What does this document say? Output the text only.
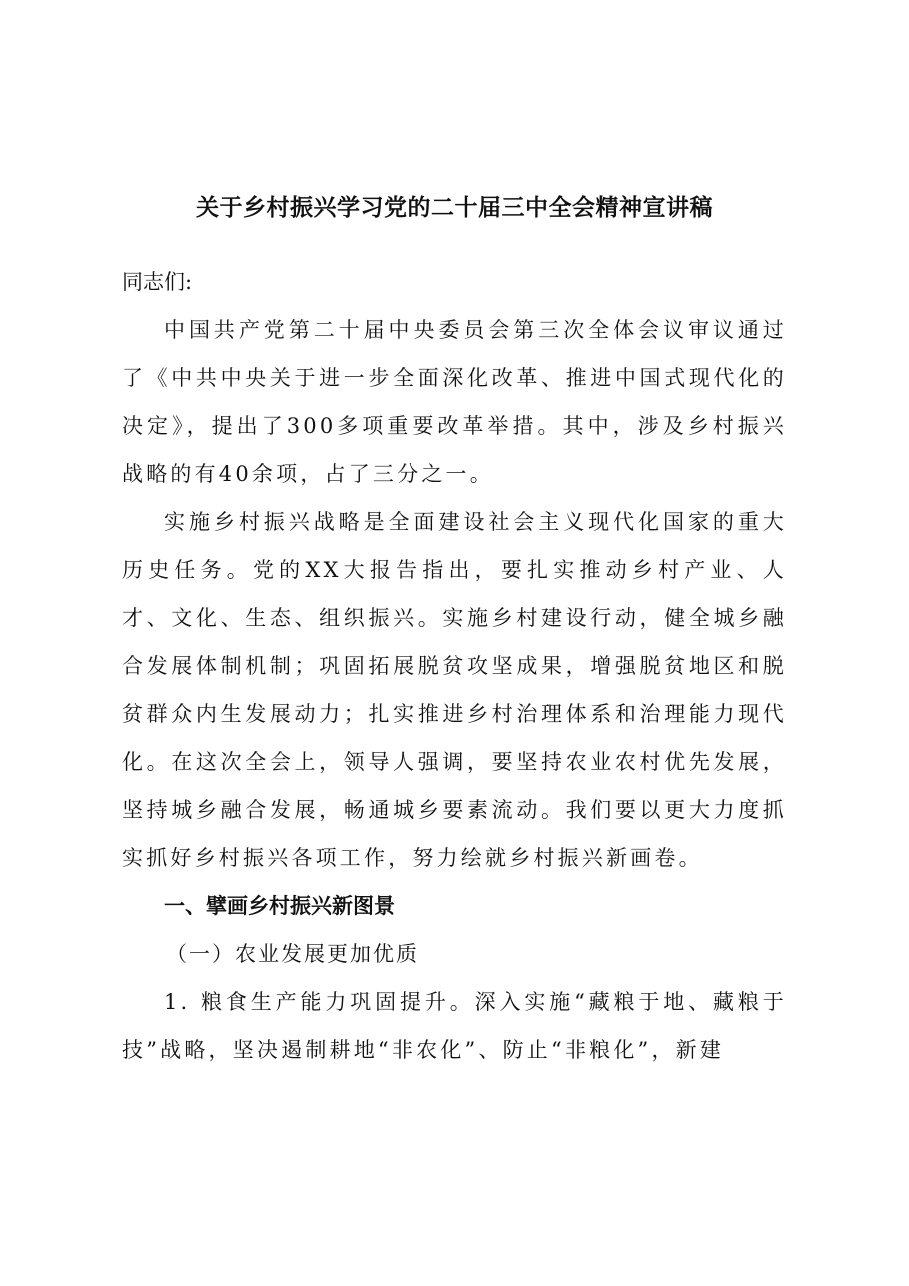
关于乡村振兴学习党的二十届三中全会精神宣讲稿

同志们:

中国共产党第二十届中央委员会第三次全体会议审议通过了《中共中央关于进一步全面深化改革、推进中国式现代化的决定》，提出了300多项重要改革举措。其中，涉及乡村振兴战略的有40余项，占了三分之一。

实施乡村振兴战略是全面建设社会主义现代化国家的重大历史任务。党的XX大报告指出，要扎实推动乡村产业、人才、文化、生态、组织振兴。实施乡村建设行动，健全城乡融合发展体制机制；巩固拓展脱贫攻坚成果，增强脱贫地区和脱贫群众内生发展动力；扎实推进乡村治理体系和治理能力现代化。在这次全会上，领导人强调，要坚持农业农村优先发展，坚持城乡融合发展，畅通城乡要素流动。我们要以更大力度抓实抓好乡村振兴各项工作，努力绘就乡村振兴新画卷。

一、擘画乡村振兴新图景

（一）农业发展更加优质

1. 粮食生产能力巩固提升。深入实施“藏粮于地、藏粮于技”战略，坚决遏制耕地“非农化”、防止“非粮化”，新建
